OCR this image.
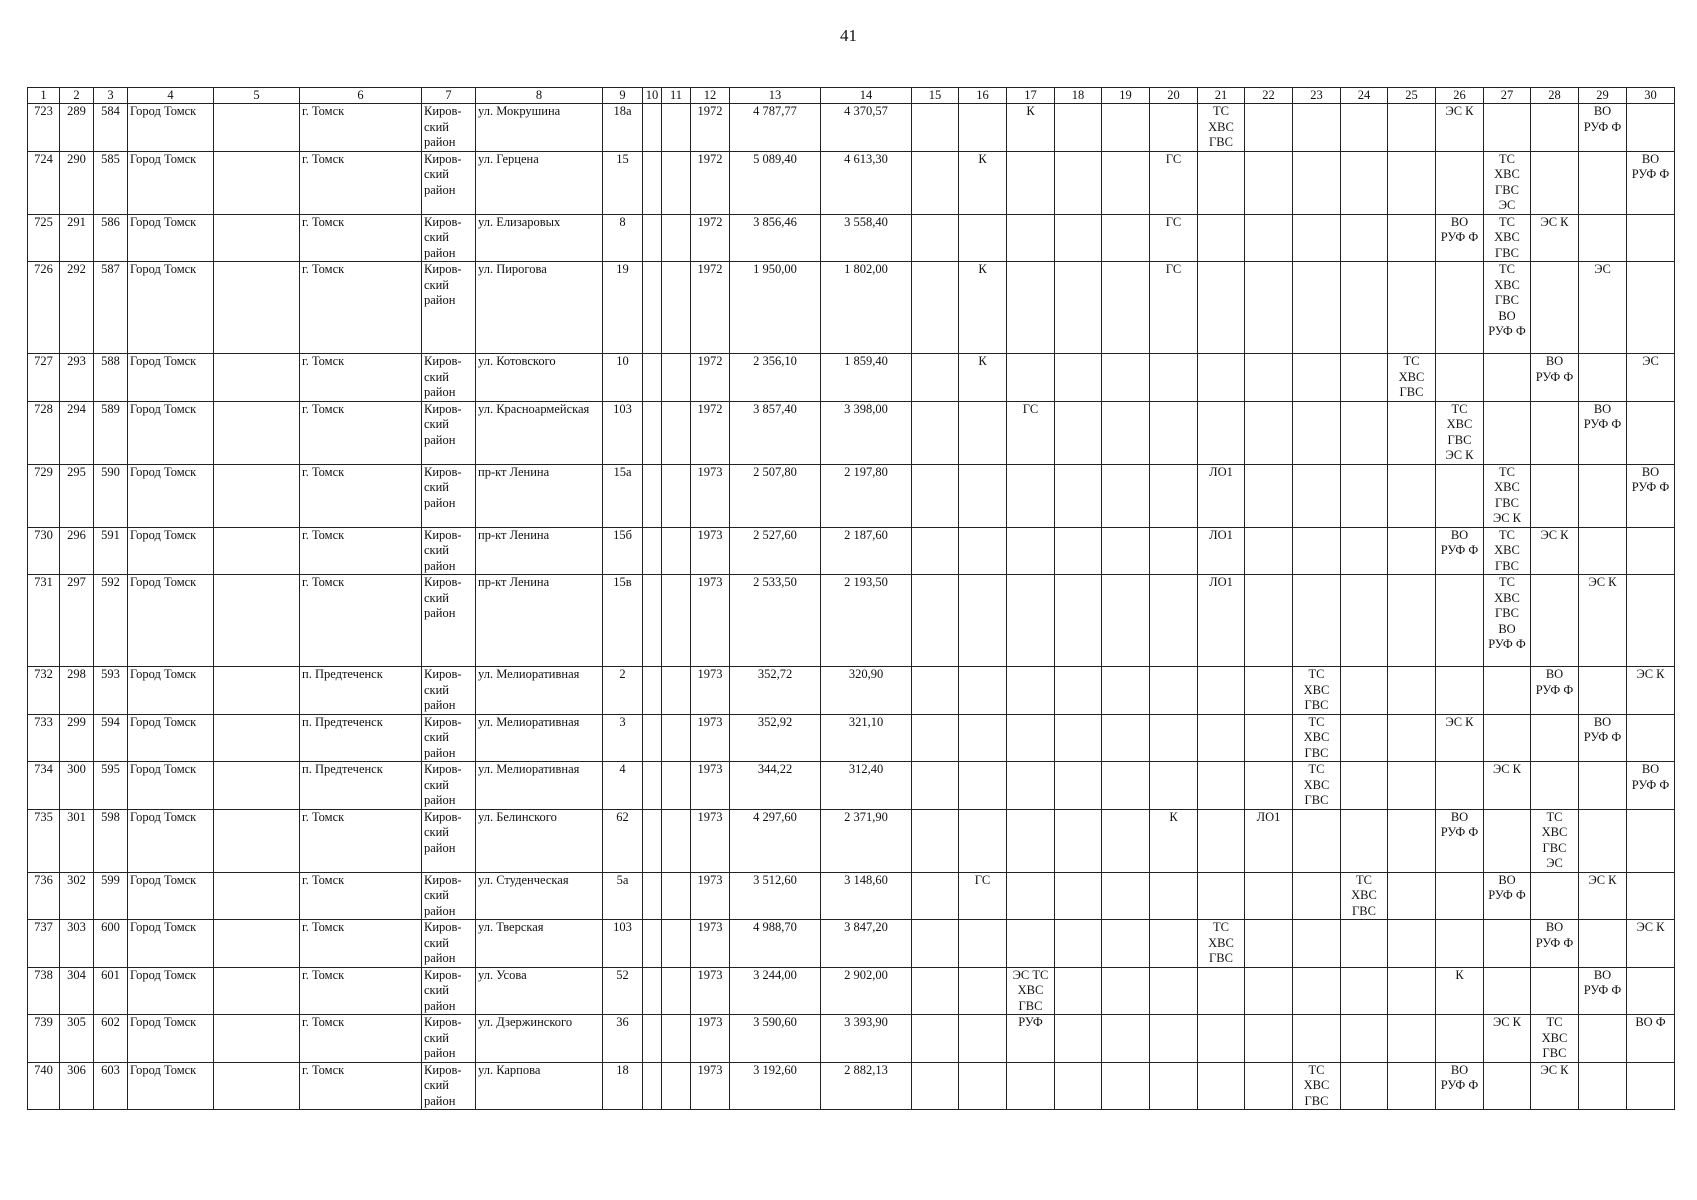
41
1	2	3	4	5	6	7	8	9	10	11	12	13	14	15	16	17	18	19	20	21	22	23	24	25	26	27	28	29	30
723	289	584	Город Томск		г. Томск	Киров-
ский
район	ул. Мокрушина	18а			1972	4 787,77	4 370,57			К				ТС
ХВС
ГВС					ЭС К			ВО
РУФ Ф	
724	290	585	Город Томск		г. Томск	Киров-
ский
район	ул. Герцена	15			1972	5 089,40	4 613,30		К				ГС							ТС
ХВС
ГВС
ЭС			ВО
РУФ Ф
725	291	586	Город Томск		г. Томск	Киров-
ский
район	ул. Елизаровых	8			1972	3 856,46	3 558,40						ГС						ВО
РУФ Ф	ТС
ХВС
ГВС	ЭС К		
726	292	587	Город Томск		г. Томск	Киров-
ский
район	ул. Пирогова	19			1972	1 950,00	1 802,00		К				ГС							ТС
ХВС
ГВС
ВО
РУФ Ф		ЭС	
727	293	588	Город Томск		г. Томск	Киров-
ский
район	ул. Котовского	10			1972	2 356,10	1 859,40		К									ТС
ХВС
ГВС			ВО
РУФ Ф		ЭС
728	294	589	Город Томск		г. Томск	Киров-
ский
район	ул. Красноармейская	103			1972	3 857,40	3 398,00			ГС									ТС
ХВС
ГВС
ЭС К			ВО
РУФ Ф	
729	295	590	Город Томск		г. Томск	Киров-
ский
район	пр-кт Ленина	15а			1973	2 507,80	2 197,80							ЛО1						ТС
ХВС
ГВС
ЭС К			ВО
РУФ Ф
730	296	591	Город Томск		г. Томск	Киров-
ский
район	пр-кт Ленина	15б			1973	2 527,60	2 187,60							ЛО1					ВО
РУФ Ф	ТС
ХВС
ГВС	ЭС К		
731	297	592	Город Томск		г. Томск	Киров-
ский
район	пр-кт Ленина	15в			1973	2 533,50	2 193,50							ЛО1						ТС
ХВС
ГВС
ВО
РУФ Ф		ЭС К	
732	298	593	Город Томск		п. Предтеченск	Киров-
ский
район	ул. Мелиоративная	2			1973	352,72	320,90									ТС
ХВС
ГВС					ВО
РУФ Ф		ЭС К
733	299	594	Город Томск		п. Предтеченск	Киров-
ский
район	ул. Мелиоративная	3			1973	352,92	321,10									ТС
ХВС
ГВС			ЭС К			ВО
РУФ Ф	
734	300	595	Город Томск		п. Предтеченск	Киров-
ский
район	ул. Мелиоративная	4			1973	344,22	312,40									ТС
ХВС
ГВС				ЭС К			ВО
РУФ Ф
735	301	598	Город Томск		г. Томск	Киров-
ский
район	ул. Белинского	62			1973	4 297,60	2 371,90						К		ЛО1				ВО
РУФ Ф		ТС
ХВС
ГВС
ЭС		
736	302	599	Город Томск		г. Томск	Киров-
ский
район	ул. Студенческая	5а			1973	3 512,60	3 148,60		ГС								ТС
ХВС
ГВС			ВО
РУФ Ф		ЭС К	
737	303	600	Город Томск		г. Томск	Киров-
ский
район	ул. Тверская	103			1973	4 988,70	3 847,20							ТС
ХВС
ГВС							ВО
РУФ Ф		ЭС К
738	304	601	Город Томск		г. Томск	Киров-
ский
район	ул. Усова	52			1973	3 244,00	2 902,00			ЭС ТС
ХВС
ГВС									К			ВО
РУФ Ф	
739	305	602	Город Томск		г. Томск	Киров-
ский
район	ул. Дзержинского	36			1973	3 590,60	3 393,90			РУФ										ЭС К	ТС
ХВС
ГВС		ВО Ф
740	306	603	Город Томск		г. Томск	Киров-
ский
район	ул. Карпова	18			1973	3 192,60	2 882,13									ТС
ХВС
ГВС			ВО
РУФ Ф		ЭС К		
